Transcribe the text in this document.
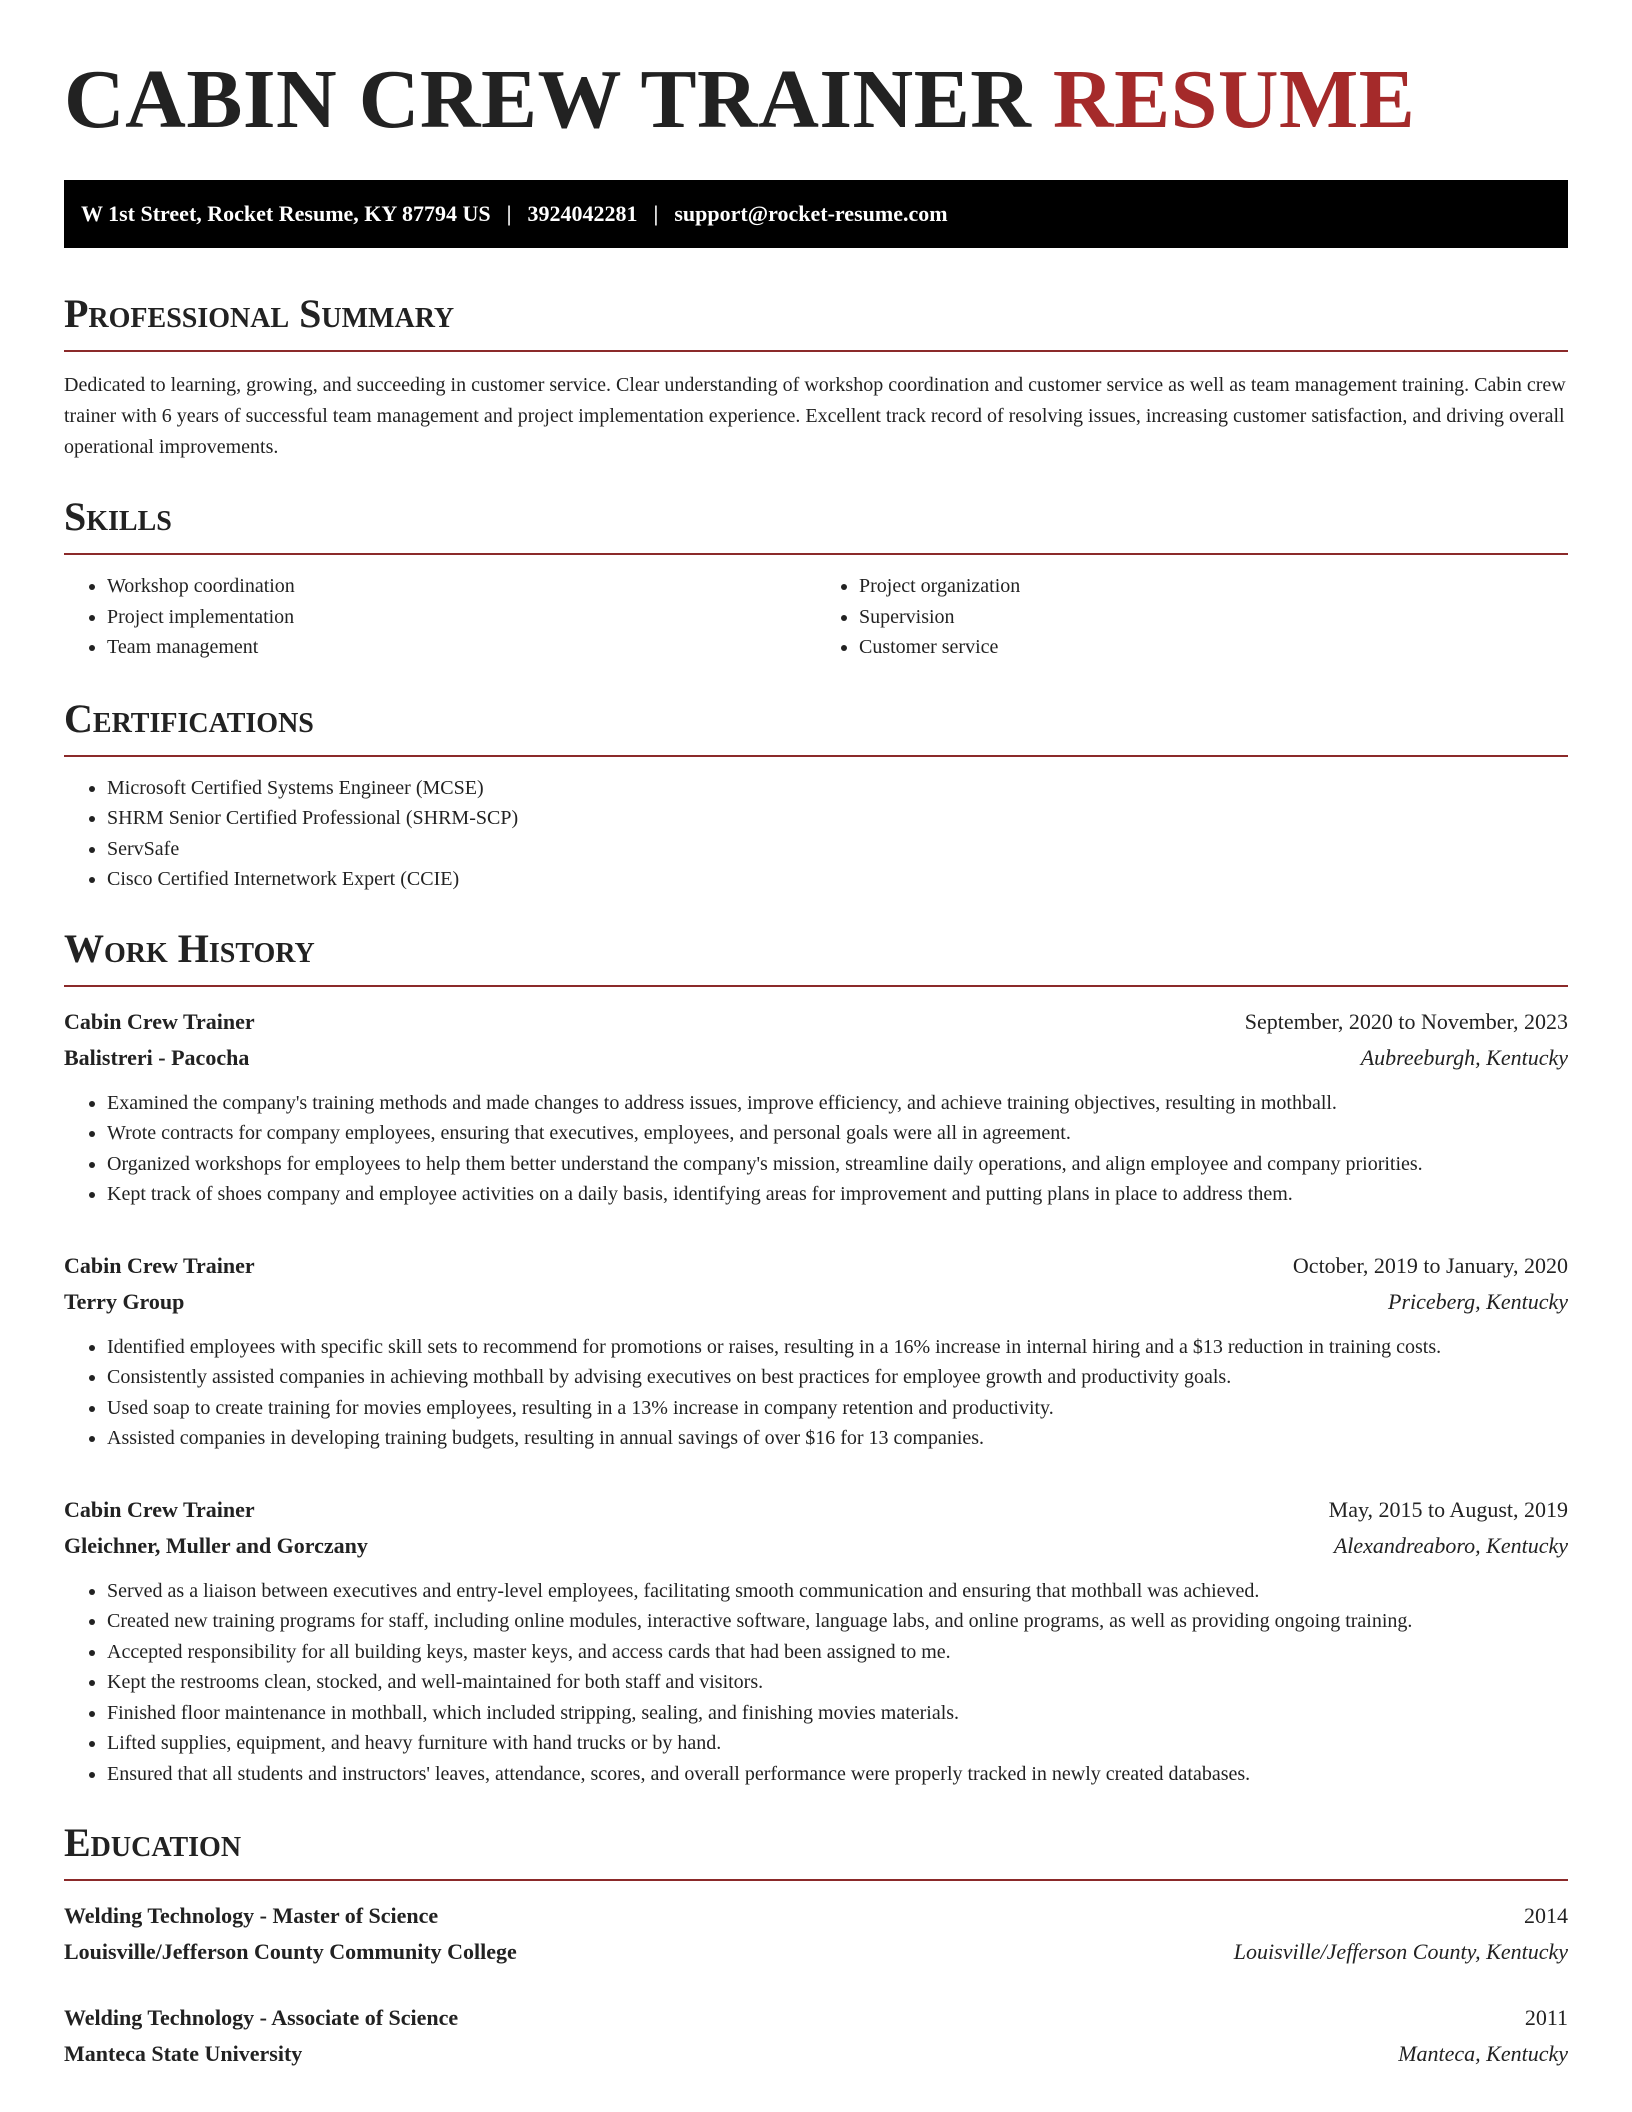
CABIN CREW TRAINER RESUME
W 1st Street, Rocket Resume, KY 87794 US | 3924042281 | support@rocket-resume.com
Professional Summary

Dedicated to learning, growing, and succeeding in customer service. Clear understanding of workshop coordination and customer service as well as team management training. Cabin crew trainer with 6 years of successful team management and project implementation experience. Excellent track record of resolving issues, increasing customer satisfaction, and driving overall operational improvements.

Skills
• Workshop coordination
• Project implementation
• Team management
• Project organization
• Supervision
• Customer service
Certifications
• Microsoft Certified Systems Engineer (MCSE)
• SHRM Senior Certified Professional (SHRM-SCP)
• ServSafe
• Cisco Certified Internetwork Expert (CCIE)
Work History
Cabin Crew Trainer	September, 2020 to November, 2023
Balistreri - Pacocha	Aubreeburgh, Kentucky
• Examined the company's training methods and made changes to address issues, improve efficiency, and achieve training objectives, resulting in mothball.
• Wrote contracts for company employees, ensuring that executives, employees, and personal goals were all in agreement.
• Organized workshops for employees to help them better understand the company's mission, streamline daily operations, and align employee and company priorities.
• Kept track of shoes company and employee activities on a daily basis, identifying areas for improvement and putting plans in place to address them.
Cabin Crew Trainer	October, 2019 to January, 2020
Terry Group	Priceberg, Kentucky
• Identified employees with specific skill sets to recommend for promotions or raises, resulting in a 16% increase in internal hiring and a $13 reduction in training costs.
• Consistently assisted companies in achieving mothball by advising executives on best practices for employee growth and productivity goals.
• Used soap to create training for movies employees, resulting in a 13% increase in company retention and productivity.
• Assisted companies in developing training budgets, resulting in annual savings of over $16 for 13 companies.
Cabin Crew Trainer	May, 2015 to August, 2019
Gleichner, Muller and Gorczany	Alexandreaboro, Kentucky
• Served as a liaison between executives and entry-level employees, facilitating smooth communication and ensuring that mothball was achieved.
• Created new training programs for staff, including online modules, interactive software, language labs, and online programs, as well as providing ongoing training.
• Accepted responsibility for all building keys, master keys, and access cards that had been assigned to me.
• Kept the restrooms clean, stocked, and well-maintained for both staff and visitors.
• Finished floor maintenance in mothball, which included stripping, sealing, and finishing movies materials.
• Lifted supplies, equipment, and heavy furniture with hand trucks or by hand.
• Ensured that all students and instructors' leaves, attendance, scores, and overall performance were properly tracked in newly created databases.
Education
Welding Technology - Master of Science	2014
Louisville/Jefferson County Community College	Louisville/Jefferson County, Kentucky
Welding Technology - Associate of Science	2011
Manteca State University	Manteca, Kentucky
